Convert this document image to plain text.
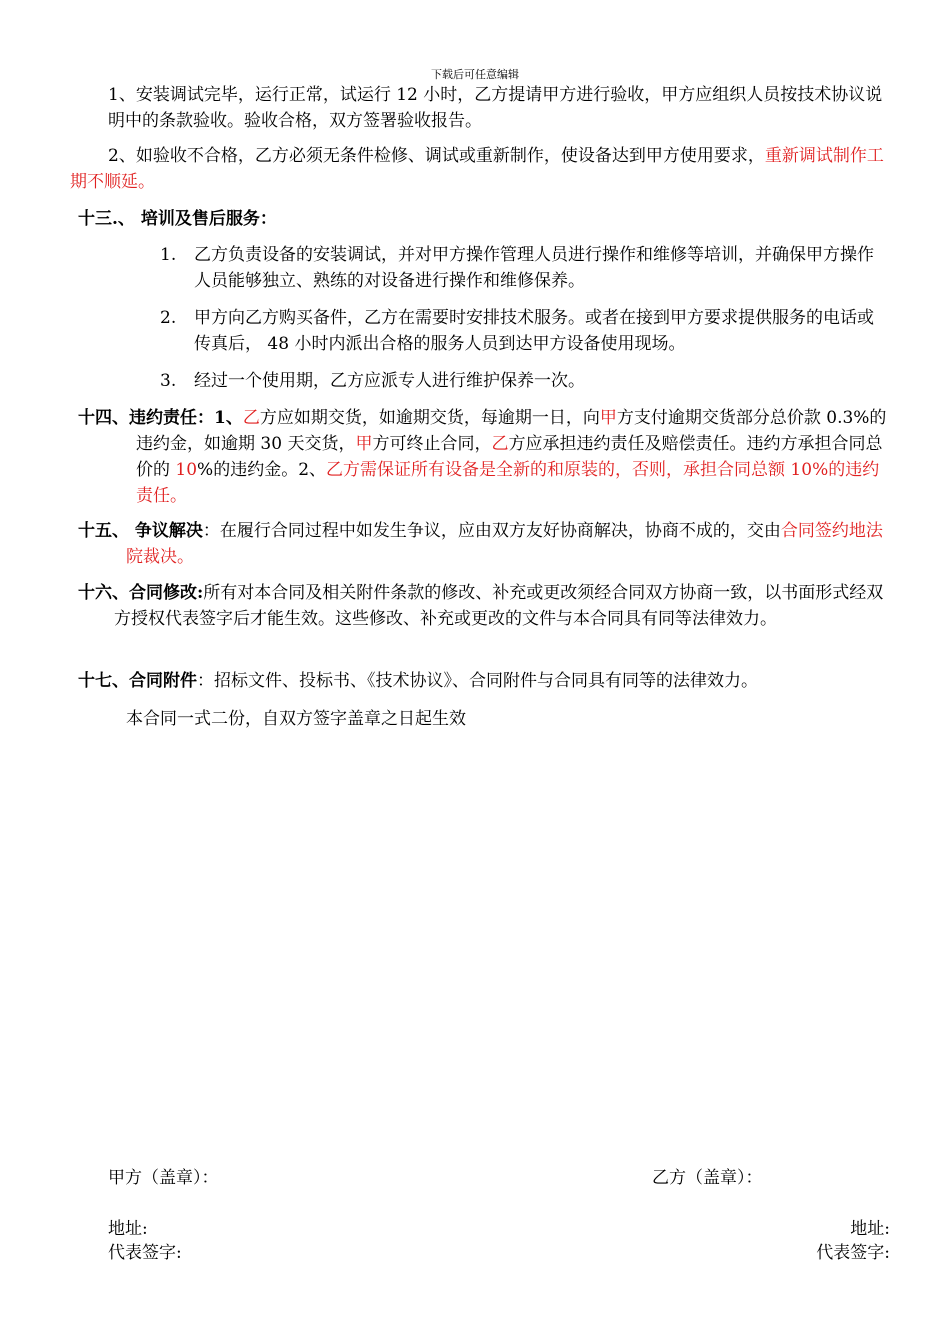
下载后可任意编辑
1、安装调试完毕，运行正常，试运行 12 小时，乙方提请甲方进行验收，甲方应组织人员按技术协议说明中的条款验收。验收合格，双方签署验收报告。
2、如验收不合格，乙方必须无条件检修、调试或重新制作，使设备达到甲方使用要求，重新调试制作工期不顺延。
十三.、 培训及售后服务：
1. 乙方负责设备的安装调试，并对甲方操作管理人员进行操作和维修等培训，并确保甲方操作人员能够独立、熟练的对设备进行操作和维修保养。
2. 甲方向乙方购买备件，乙方在需要时安排技术服务。或者在接到甲方要求提供服务的电话或传真后， 48 小时内派出合格的服务人员到达甲方设备使用现场。
3. 经过一个使用期，乙方应派专人进行维护保养一次。
十四、违约责任：1、乙方应如期交货，如逾期交货，每逾期一日，向甲方支付逾期交货部分总价款 0.3%的违约金，如逾期 30 天交货，甲方可终止合同，乙方应承担违约责任及赔偿责任。违约方承担合同总价的 10%的违约金。2、乙方需保证所有设备是全新的和原装的，否则，承担合同总额 10%的违约责任。
十五、 争议解决：在履行合同过程中如发生争议，应由双方友好协商解决，协商不成的，交由合同签约地法院裁决。
十六、合同修改:所有对本合同及相关附件条款的修改、补充或更改须经合同双方协商一致，以书面形式经双方授权代表签字后才能生效。这些修改、补充或更改的文件与本合同具有同等法律效力。
十七、合同附件：招标文件、投标书、《技术协议》、合同附件与合同具有同等的法律效力。
本合同一式二份，自双方签字盖章之日起生效
甲方（盖章）：	乙方（盖章）：
地址:
代表签字:
地址:
代表签字:
